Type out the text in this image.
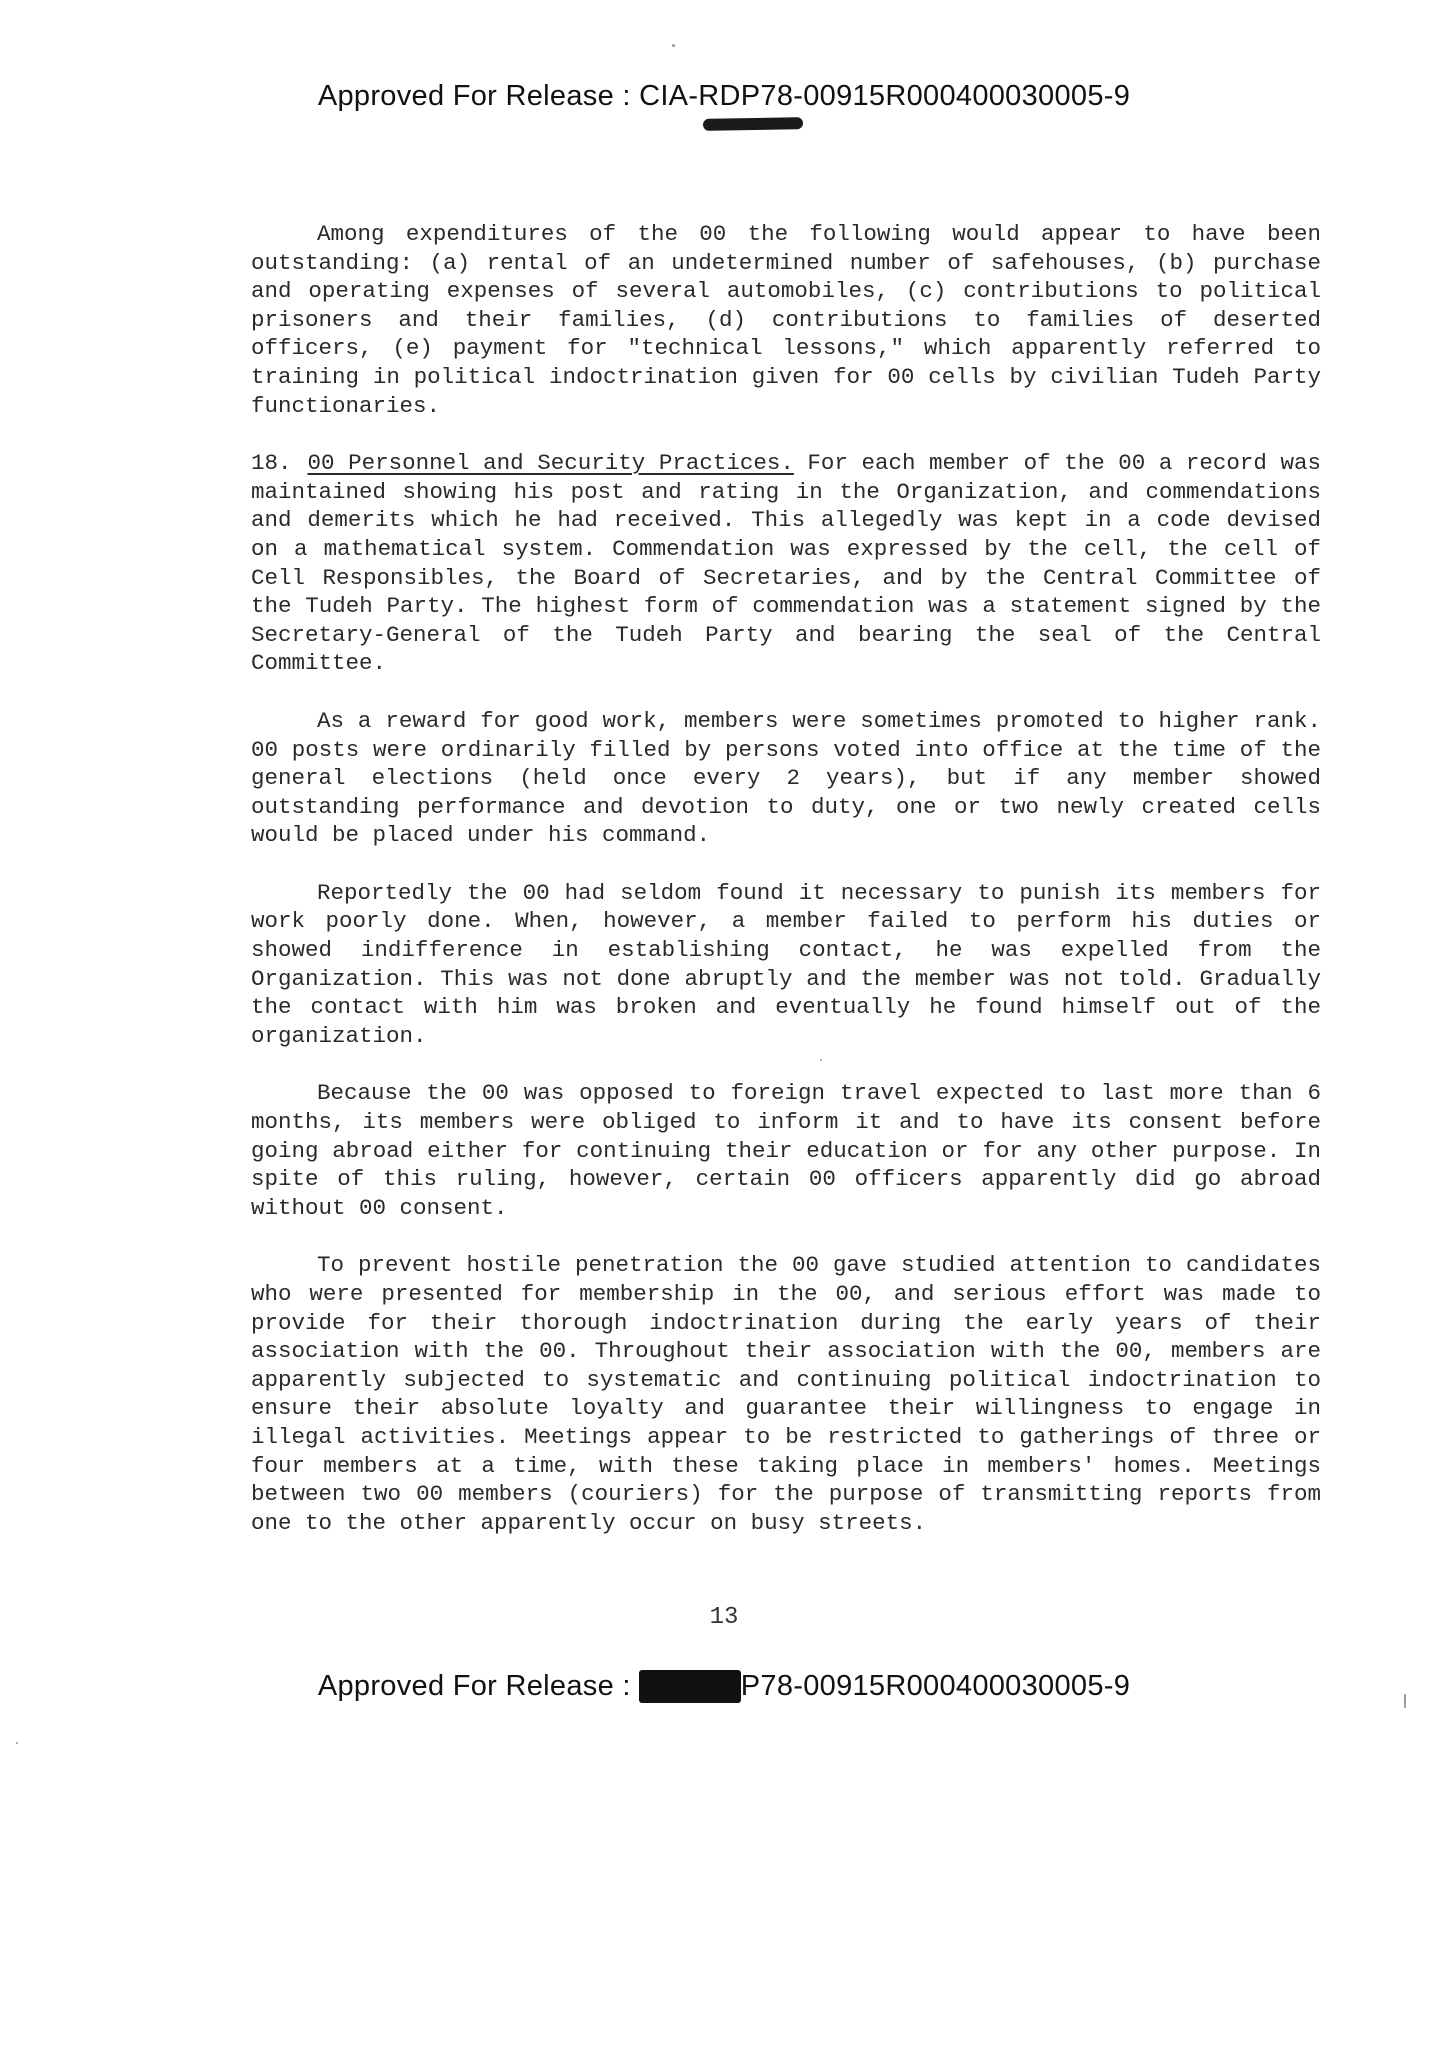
Approved For Release : CIA-RDP78-00915R000400030005-9

Among expenditures of the 00 the following would appear to have been outstanding: (a) rental of an undetermined number of safehouses, (b) purchase and operating expenses of several automobiles, (c) contributions to political prisoners and their families, (d) contributions to families of deserted officers, (e) payment for "technical lessons," which apparently referred to training in political indoctrination given for 00 cells by civilian Tudeh Party functionaries.

18. 00 Personnel and Security Practices. For each member of the 00 a record was maintained showing his post and rating in the Organization, and commendations and demerits which he had received. This allegedly was kept in a code devised on a mathematical system. Commendation was expressed by the cell, the cell of Cell Responsibles, the Board of Secretaries, and by the Central Committee of the Tudeh Party. The highest form of commendation was a statement signed by the Secretary-General of the Tudeh Party and bearing the seal of the Central Committee.

As a reward for good work, members were sometimes promoted to higher rank. 00 posts were ordinarily filled by persons voted into office at the time of the general elections (held once every 2 years), but if any member showed outstanding performance and devotion to duty, one or two newly created cells would be placed under his command.

Reportedly the 00 had seldom found it necessary to punish its members for work poorly done. When, however, a member failed to perform his duties or showed indifference in establishing contact, he was expelled from the Organization. This was not done abruptly and the member was not told. Gradually the contact with him was broken and eventually he found himself out of the organization.

Because the 00 was opposed to foreign travel expected to last more than 6 months, its members were obliged to inform it and to have its consent before going abroad either for continuing their education or for any other purpose. In spite of this ruling, however, certain 00 officers apparently did go abroad without 00 consent.

To prevent hostile penetration the 00 gave studied attention to candidates who were presented for membership in the 00, and serious effort was made to provide for their thorough indoctrination during the early years of their association with the 00. Throughout their association with the 00, members are apparently subjected to systematic and continuing political indoctrination to ensure their absolute loyalty and guarantee their willingness to engage in illegal activities. Meetings appear to be restricted to gatherings of three or four members at a time, with these taking place in members' homes. Meetings between two 00 members (couriers) for the purpose of transmitting reports from one to the other apparently occur on busy streets.

13
Approved For Release : CIA-RDP78-00915R000400030005-9
